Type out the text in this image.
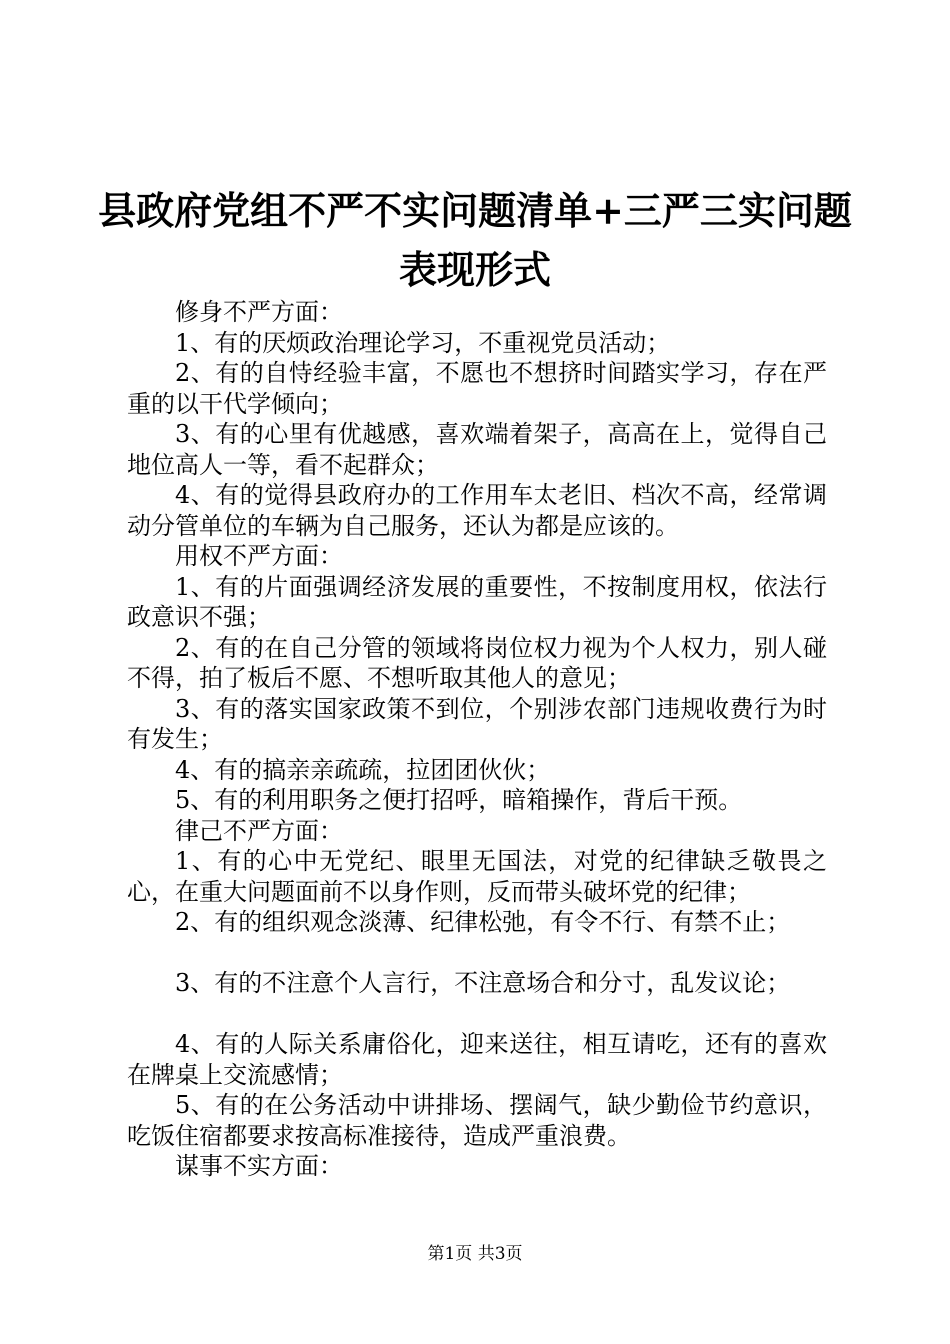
县政府党组不严不实问题清单+三严三实问题
表现形式

修身不严方面：

1、有的厌烦政治理论学习，不重视党员活动；

2、有的自恃经验丰富，不愿也不想挤时间踏实学习，存在严重的以干代学倾向；

3、有的心里有优越感，喜欢端着架子，高高在上，觉得自己地位高人一等，看不起群众；

4、有的觉得县政府办的工作用车太老旧、档次不高，经常调动分管单位的车辆为自己服务，还认为都是应该的。

用权不严方面：

1、有的片面强调经济发展的重要性，不按制度用权，依法行政意识不强；

2、有的在自己分管的领域将岗位权力视为个人权力，别人碰不得，拍了板后不愿、不想听取其他人的意见；

3、有的落实国家政策不到位，个别涉农部门违规收费行为时有发生；

4、有的搞亲亲疏疏，拉团团伙伙；

5、有的利用职务之便打招呼，暗箱操作，背后干预。

律己不严方面：

1、有的心中无党纪、眼里无国法，对党的纪律缺乏敬畏之心，在重大问题面前不以身作则，反而带头破坏党的纪律；

2、有的组织观念淡薄、纪律松弛，有令不行、有禁不止；

3、有的不注意个人言行，不注意场合和分寸，乱发议论；

4、有的人际关系庸俗化，迎来送往，相互请吃，还有的喜欢在牌桌上交流感情；

5、有的在公务活动中讲排场、摆阔气，缺少勤俭节约意识，吃饭住宿都要求按高标准接待，造成严重浪费。

谋事不实方面：

第1页 共3页
